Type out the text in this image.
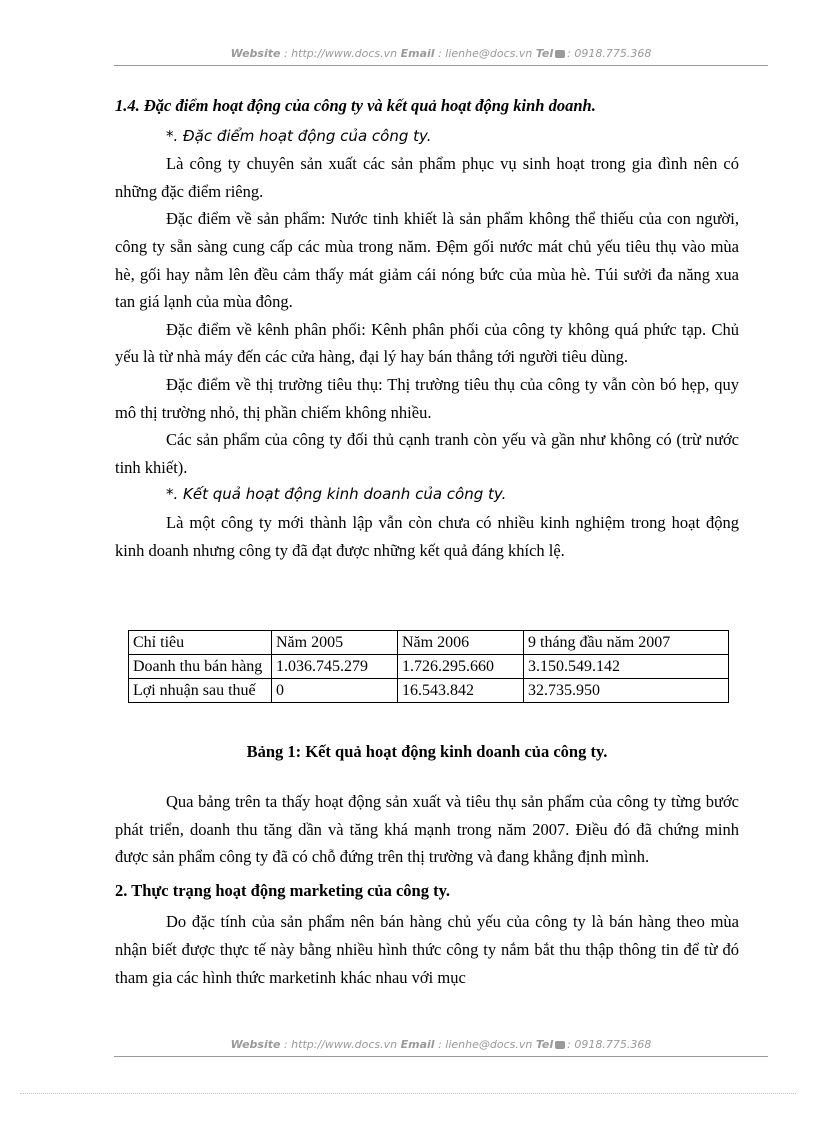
Website : http://www.docs.vn Email : lienhe@docs.vn Tel : 0918.775.368

1.4. Đặc điểm hoạt động của công ty và kết quả hoạt động kinh doanh.

*. Đặc điểm hoạt động của công ty.

Là công ty chuyên sản xuất các sản phẩm phục vụ sinh hoạt trong gia đình nên có những đặc điểm riêng.

Đặc điểm về sản phẩm: Nước tinh khiết là sản phẩm không thể thiếu của con người, công ty sẵn sàng cung cấp các mùa trong năm. Đệm gối nước mát chủ yếu tiêu thụ vào mùa hè, gối hay nằm lên đều cảm thấy mát giảm cái nóng bức của mùa hè. Túi sưởi đa năng xua tan giá lạnh của mùa đông.

Đặc điểm về kênh phân phối: Kênh phân phối của công ty không quá phức tạp. Chủ yếu là từ nhà máy đến các cửa hàng, đại lý hay bán thẳng tới người tiêu dùng.

Đặc điểm về thị trường tiêu thụ: Thị trường tiêu thụ của công ty vẫn còn bó hẹp, quy mô thị trường nhỏ, thị phần chiếm không nhiều.

Các sản phẩm của công ty đối thủ cạnh tranh còn yếu và gần như không có (trừ nước tinh khiết).

*. Kết quả hoạt động kinh doanh của công ty.

Là một công ty mới thành lập vẫn còn chưa có nhiều kinh nghiệm trong hoạt động kinh doanh nhưng công ty đã đạt được những kết quả đáng khích lệ.

Chỉ tiêu	Năm 2005	Năm 2006	9 tháng đầu năm 2007
Doanh thu bán hàng	1.036.745.279	1.726.295.660	3.150.549.142
Lợi nhuận sau thuế	0	16.543.842	32.735.950
Bảng 1: Kết quả hoạt động kinh doanh của công ty.

Qua bảng trên ta thấy hoạt động sản xuất và tiêu thụ sản phẩm của công ty từng bước phát triển, doanh thu tăng dần và tăng khá mạnh trong năm 2007. Điều đó đã chứng minh được sản phẩm công ty đã có chỗ đứng trên thị trường và đang khẳng định mình.

2. Thực trạng hoạt động marketing của công ty.

Do đặc tính của sản phẩm nên bán hàng chủ yếu của công ty là bán hàng theo mùa nhận biết được thực tế này bằng nhiều hình thức công ty nắm bắt thu thập thông tin để từ đó tham gia các hình thức marketinh khác nhau với mục

Website : http://www.docs.vn Email : lienhe@docs.vn Tel : 0918.775.368
